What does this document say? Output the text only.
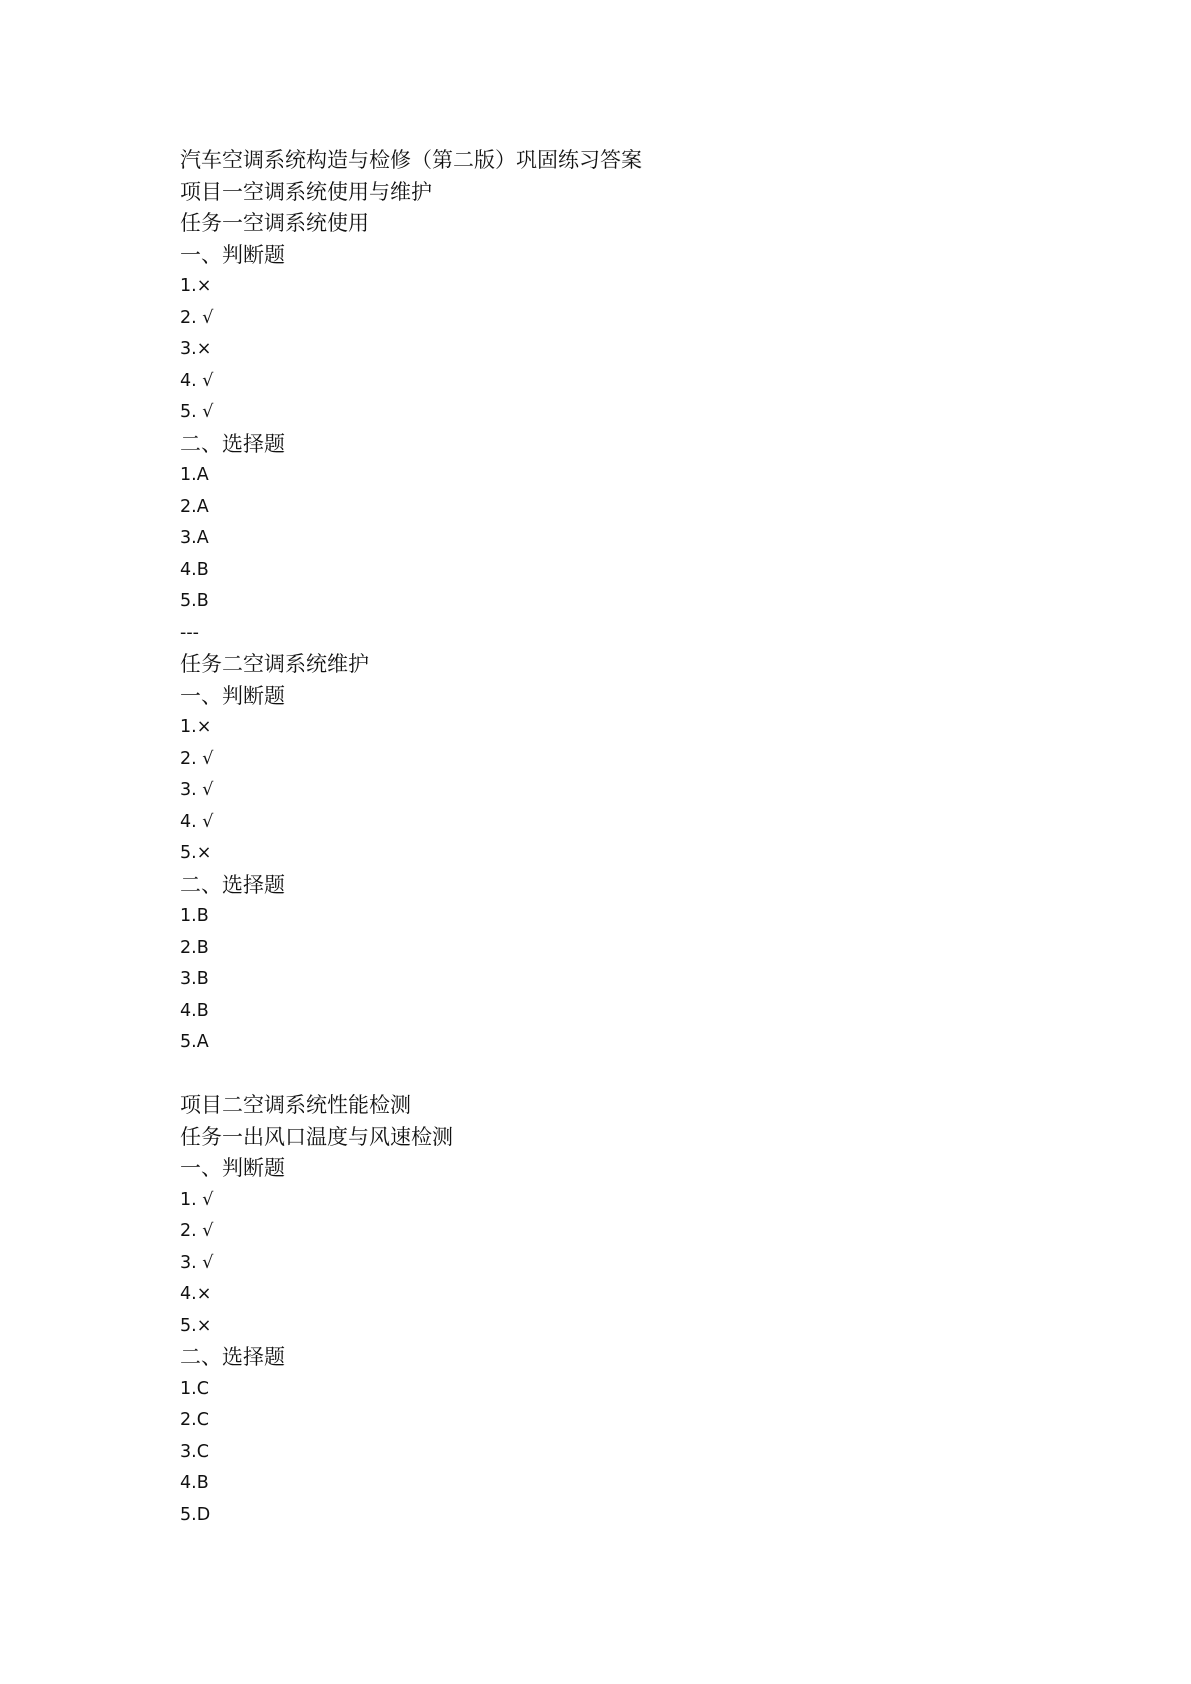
汽车空调系统构造与检修（第二版）巩固练习答案
项目一空调系统使用与维护
任务一空调系统使用
一、判断题
1.×
2. √
3.×
4. √
5. √
二、选择题
1.A
2.A
3.A
4.B
5.B
---
任务二空调系统维护
一、判断题
1.×
2. √
3. √
4. √
5.×
二、选择题
1.B
2.B
3.B
4.B
5.A
项目二空调系统性能检测
任务一出风口温度与风速检测
一、判断题
1. √
2. √
3. √
4.×
5.×
二、选择题
1.C
2.C
3.C
4.B
5.D
